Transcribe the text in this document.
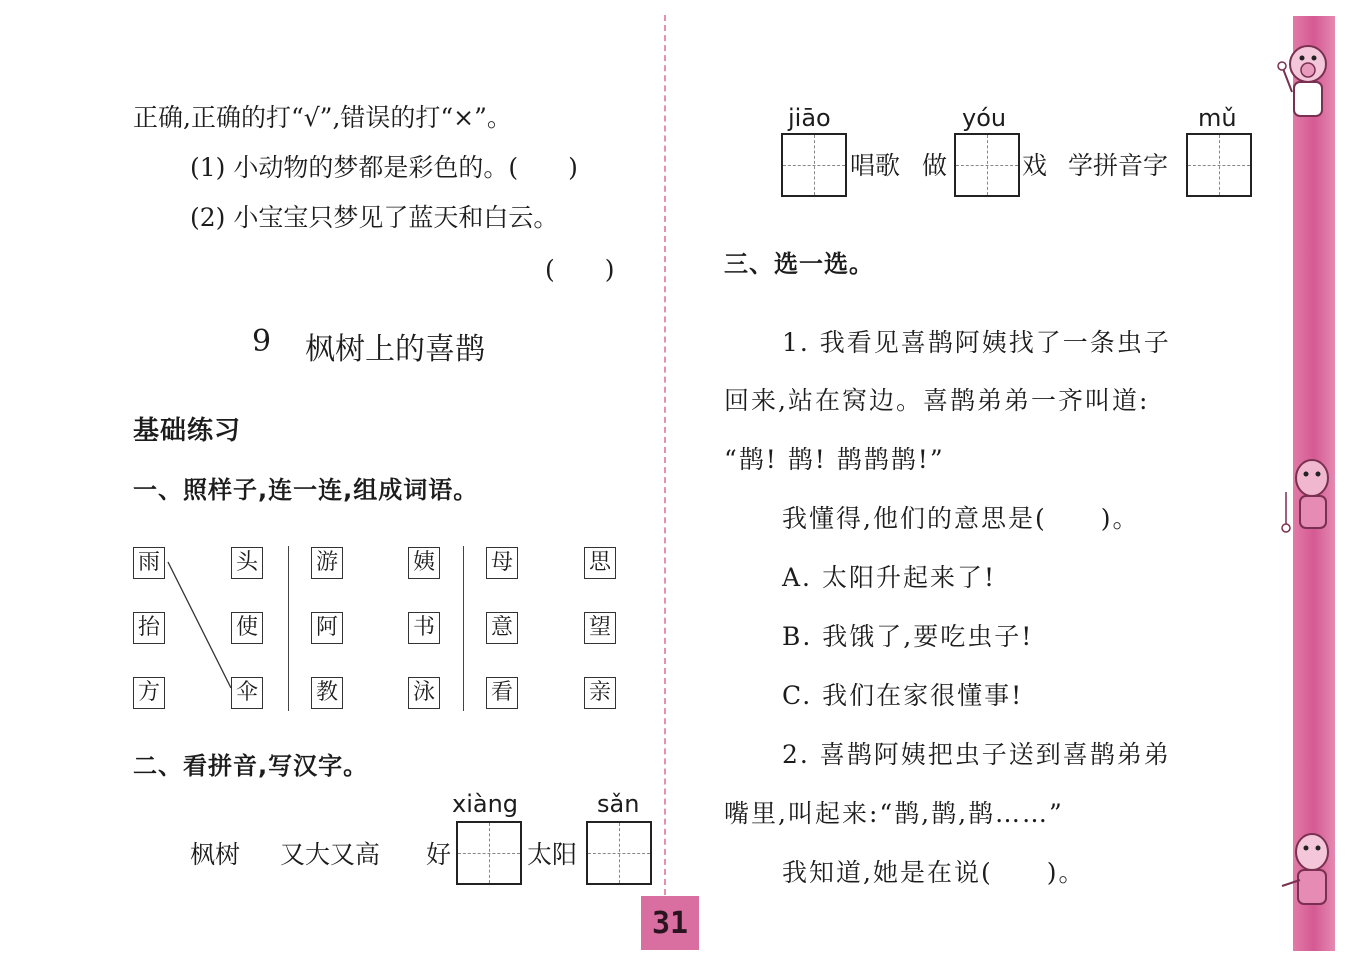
正确,正确的打“√”,错误的打“×”。
(1) 小动物的梦都是彩色的。(　　)
(2) 小宝宝只梦见了蓝天和白云。
(　　)
9 枫树上的喜鹊
基础练习
一、照样子,连一连,组成词语。
雨	头	游	姨	母	思
抬	使	阿	书	意	望
方	伞	教	泳	看	亲
二、看拼音,写汉字。
xiàng	sǎn
枫树 又大又高 好	太阳
31
jiāo	yóu	mǔ
唱歌 做	戏 学拼音字
三、选一选。
1. 我看见喜鹊阿姨找了一条虫子
回来,站在窝边。喜鹊弟弟一齐叫道:
“鹊! 鹊! 鹊鹊鹊!”
我懂得,他们的意思是(　　)。
A. 太阳升起来了!
B. 我饿了,要吃虫子!
C. 我们在家很懂事!
2. 喜鹊阿姨把虫子送到喜鹊弟弟
嘴里,叫起来:“鹊,鹊,鹊……”
我知道,她是在说(　　)。
